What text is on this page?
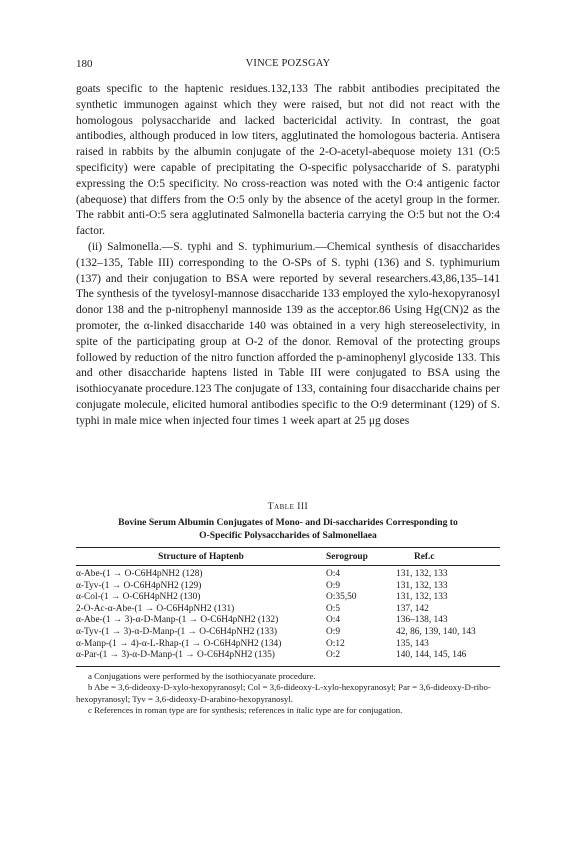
180	VINCE POZSGAY

goats specific to the haptenic residues.132,133 The rabbit antibodies precipitated the synthetic immunogen against which they were raised, but not did not react with the homologous polysaccharide and lacked bactericidal activity. In contrast, the goat antibodies, although produced in low titers, agglutinated the homologous bacteria. Antisera raised in rabbits by the albumin conjugate of the 2-O-acetyl-abequose moiety 131 (O:5 specificity) were capable of precipitating the O-specific polysaccharide of S. paratyphi expressing the O:5 specificity. No cross-reaction was noted with the O:4 antigenic factor (abequose) that differs from the O:5 only by the absence of the acetyl group in the former. The rabbit anti-O:5 sera agglutinated Salmonella bacteria carrying the O:5 but not the O:4 factor.

(ii) Salmonella.—S. typhi and S. typhimurium.—Chemical synthesis of disaccharides (132–135, Table III) corresponding to the O-SPs of S. typhi (136) and S. typhimurium (137) and their conjugation to BSA were reported by several researchers.43,86,135–141 The synthesis of the tyvelosyl-mannose disaccharide 133 employed the xylo-hexopyranosyl donor 138 and the p-nitrophenyl mannoside 139 as the acceptor.86 Using Hg(CN)2 as the promoter, the α-linked disaccharide 140 was obtained in a very high stereoselectivity, in spite of the participating group at O-2 of the donor. Removal of the protecting groups followed by reduction of the nitro function afforded the p-aminophenyl glycoside 133. This and other disaccharide haptens listed in Table III were conjugated to BSA using the isothiocyanate procedure.123 The conjugate of 133, containing four disaccharide chains per conjugate molecule, elicited humoral antibodies specific to the O:9 determinant (129) of S. typhi in male mice when injected four times 1 week apart at 25 μg doses

Table III
Bovine Serum Albumin Conjugates of Mono- and Di-saccharides Corresponding to
O-Specific Polysaccharides of Salmonellaea
Structure of Haptenb	Serogroup	Ref.c
α-Abe-(1 → O-C6H4pNH2 (128)	O:4	131, 132, 133
α-Tyv-(1 → O-C6H4pNH2 (129)	O:9	131, 132, 133
α-Col-(1 → O-C6H4pNH2 (130)	O:35,50	131, 132, 133
2-O-Ac-α-Abe-(1 → O-C6H4pNH2 (131)	O:5	137, 142
α-Abe-(1 → 3)-α-D-Manp-(1 → O-C6H4pNH2 (132)	O:4	136–138, 143
α-Tyv-(1 → 3)-α-D-Manp-(1 → O-C6H4pNH2 (133)	O:9	42, 86, 139, 140, 143
α-Manp-(1 → 4)-α-L-Rhap-(1 → O-C6H4pNH2 (134)	O:12	135, 143
α-Par-(1 → 3)-α-D-Manp-(1 → O-C6H4pNH2 (135)	O:2	140, 144, 145, 146

a Conjugations were performed by the isothiocyanate procedure.

b Abe = 3,6-dideoxy-D-xylo-hexopyranosyl; Col = 3,6-dideoxy-L-xylo-hexopyranosyl; Par = 3,6-dideoxy-D-ribo-hexopyranosyl; Tyv = 3,6-dideoxy-D-arabino-hexopyranosyl.

c References in roman type are for synthesis; references in italic type are for conjugation.
